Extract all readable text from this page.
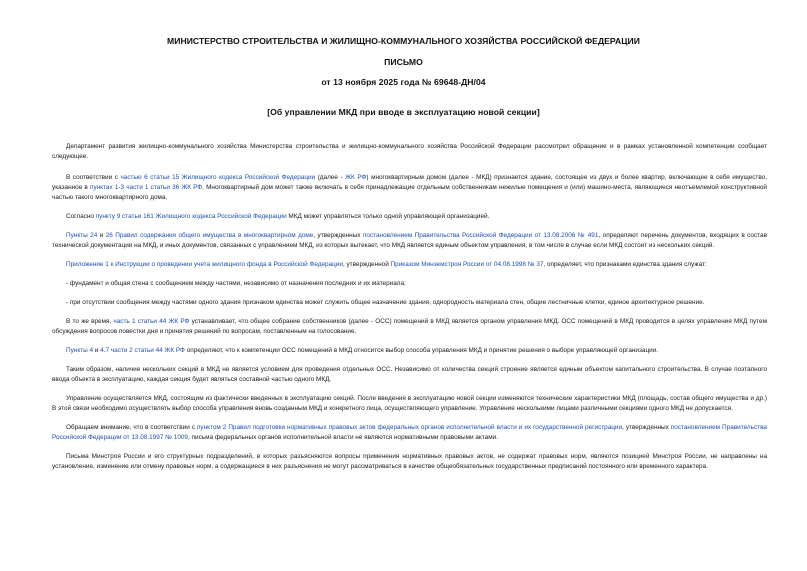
МИНИСТЕРСТВО СТРОИТЕЛЬСТВА И ЖИЛИЩНО-КОММУНАЛЬНОГО ХОЗЯЙСТВА РОССИЙСКОЙ ФЕДЕРАЦИИ
ПИСЬМО
от 13 ноября 2025 года № 69648-ДН/04
[Об управлении МКД при вводе в эксплуатацию новой секции]

Департамент развития жилищно-коммунального хозяйства Министерства строительства и жилищно-коммунального хозяйства Российской Федерации рассмотрел обращение и в рамках установленной компетенции сообщает следующее.

В соответствии с частью 6 статьи 15 Жилищного кодекса Российской Федерации (далее - ЖК РФ) многоквартирным домом (далее - МКД) признается здание, состоящее из двух и более квартир, включающее в себя имущество, указанное в пунктах 1-3 части 1 статьи 36 ЖК РФ. Многоквартирный дом может также включать в себя принадлежащие отдельным собственникам нежилые помещения и (или) машино-места, являющиеся неотъемлемой конструктивной частью такого многоквартирного дома.

Согласно пункту 9 статьи 161 Жилищного кодекса Российской Федерации МКД может управляться только одной управляющей организацией.

Пункты 24 и 26 Правил содержания общего имущества в многоквартирном доме, утвержденных постановлением Правительства Российской Федерации от 13.08.2006 № 491, определяют перечень документов, входящих в состав технической документации на МКД, и иных документов, связанных с управлением МКД, из которых вытекает, что МКД является единым объектом управления, в том числе в случае если МКД состоит из нескольких секций.

Приложение 1 к Инструкции о проведении учета жилищного фонда в Российской Федерации, утвержденной Приказом Минземстроя России от 04.08.1998 № 37, определяет, что признаками единства здания служат:

- фундамент и общая стена с сообщением между частями, независимо от назначения последних и их материала;

- при отсутствии сообщения между частями одного здания признаком единства может служить общее назначение здания, однородность материала стен, общие лестничные клетки, единое архитектурное решение.

В то же время, часть 1 статьи 44 ЖК РФ устанавливает, что общее собрание собственников (далее - ОСС) помещений в МКД является органом управления МКД. ОСС помещений в МКД проводится в целях управления МКД путем обсуждения вопросов повестки дня и принятия решений по вопросам, поставленным на голосование.

Пункты 4 и 4.7 части 2 статьи 44 ЖК РФ определяют, что к компетенции ОСС помещений в МКД относится выбор способа управления МКД и принятие решения о выборе управляющей организации.

Таким образом, наличие нескольких секций в МКД не является условием для проведения отдельных ОСС. Независимо от количества секций строение является единым объектом капитального строительства. В случае поэтапного ввода объекта в эксплуатацию, каждая секция будет являться составной частью одного МКД.

Управление осуществляется МКД, состоящим из фактически введенных в эксплуатацию секций. После введения в эксплуатацию новой секции изменяются технические характеристики МКД (площадь, состав общего имущества и др.) В этой связи необходимо осуществлять выбор способа управления вновь созданным МКД и конкретного лица, осуществляющего управление. Управление несколькими лицами различными секциями одного МКД не допускается.

Обращаем внимание, что в соответствии с пунктом 2 Правил подготовки нормативных правовых актов федеральных органов исполнительной власти и их государственной регистрации, утвержденных постановлением Правительства Российской Федерации от 13.08.1997 № 1009, письма федеральных органов исполнительной власти не являются нормативными правовыми актами.

Письма Минстроя России и его структурных подразделений, в которых разъясняются вопросы применения нормативных правовых актов, не содержат правовых норм, являются позицией Минстроя России, не направлены на установление, изменение или отмену правовых норм, а содержащиеся в них разъяснения не могут рассматриваться в качестве общеобязательных государственных предписаний постоянного или временного характера.
